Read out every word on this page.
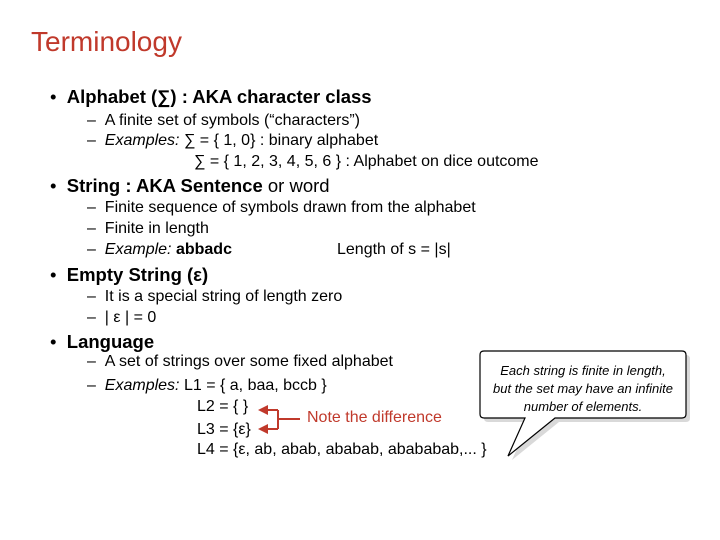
Terminology
• Alphabet (∑) : AKA character class
– A finite set of symbols (“characters”)
– Examples: ∑ = { 1, 0} : binary alphabet
∑ = { 1, 2, 3, 4, 5, 6 } : Alphabet on dice outcome
• String : AKA Sentence or word
– Finite sequence of symbols drawn from the alphabet
– Finite in length
– Example: abbadc	Length of s = |s|
• Empty String (ε)
– It is a special string of length zero
– | ε | = 0
• Language
– A set of strings over some fixed alphabet
– Examples: L1 = { a, baa, bccb }
L2 = { }
L3 = {ε}
L4 = {ε, ab, abab, ababab, abababab,... }
Note the difference
Each string is finite in length,
but the set may have an infinite
number of elements.
